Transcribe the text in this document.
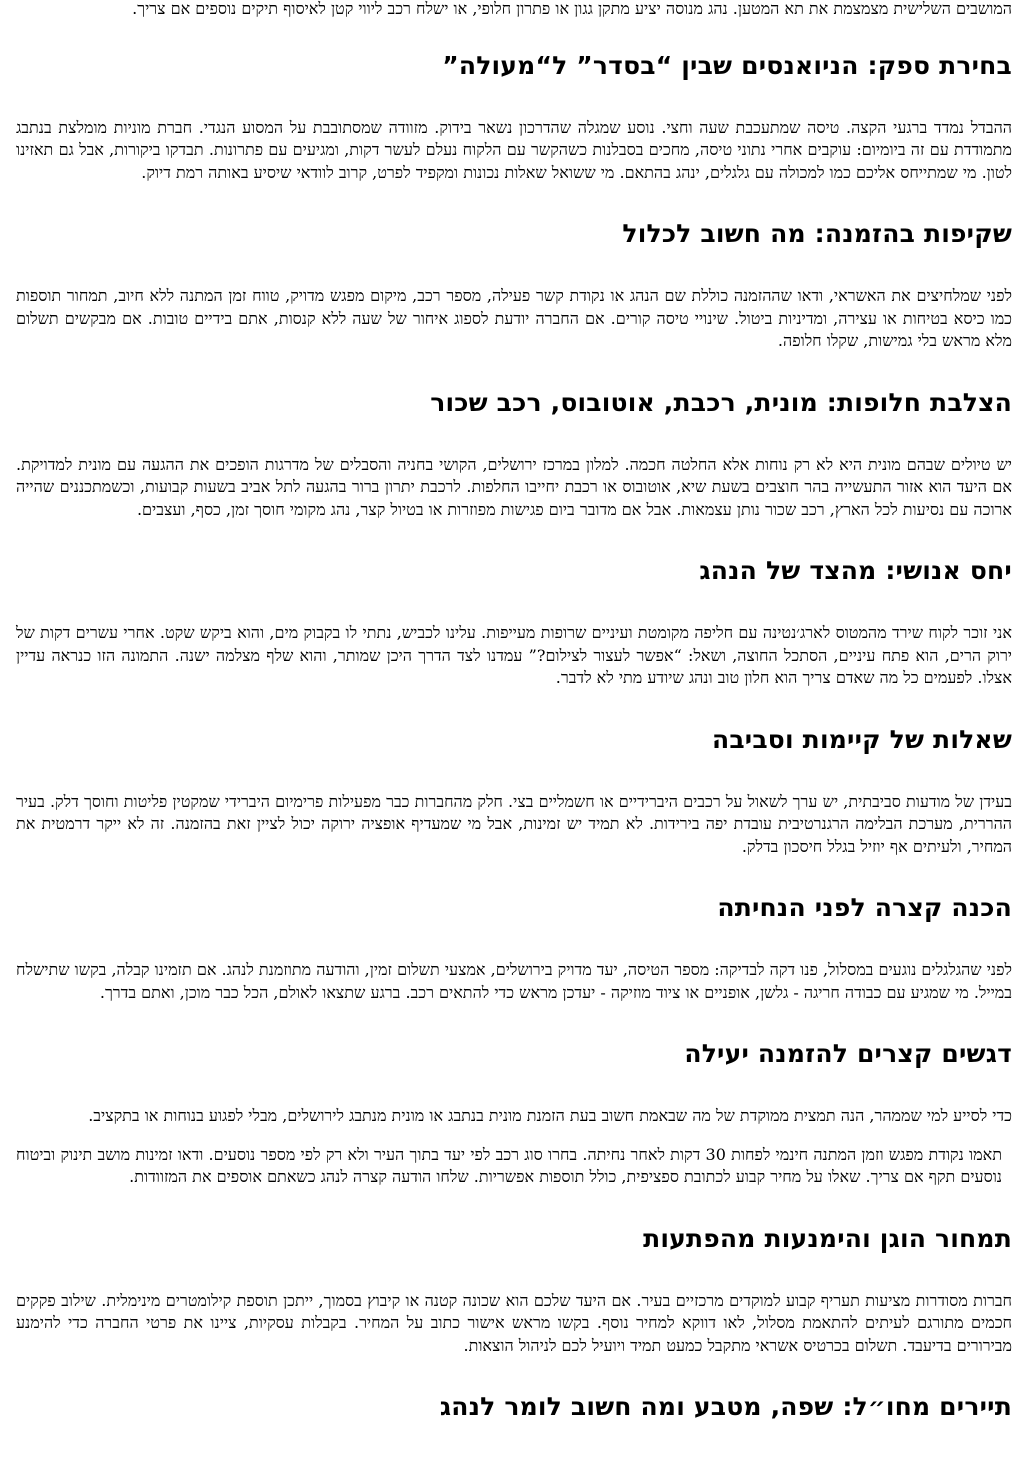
המושבים השלישית מצמצמת את תא המטען. נהג מנוסה יציע מתקן גגון או פתרון חלופי, או ישלח רכב ליווי קטן לאיסוף תיקים נוספים אם צריך.

בחירת ספק: הניואנסים שבין “בסדר” ל“מעולה”

ההבדל נמדד ברגעי הקצה. טיסה שמתעכבת שעה וחצי. נוסע שמגלה שהדרכון נשאר בידוק. מזוודה שמסתובבת על המסוע הנגדי. חברת מוניות מומלצת בנתבג מתמודדת עם זה ביומיום: עוקבים אחרי נתוני טיסה, מחכים בסבלנות כשהקשר עם הלקוח נעלם לעשר דקות, ומגיעים עם פתרונות. תבדקו ביקורות, אבל גם תאזינו לטון. מי שמתייחס אליכם כמו למכולה עם גלגלים, ינהג בהתאם. מי ששואל שאלות נכונות ומקפיד לפרט, קרוב לוודאי שיסיע באותה רמת דיוק.

שקיפות בהזמנה: מה חשוב לכלול

לפני שמלחיצים את האשראי, ודאו שההזמנה כוללת שם הנהג או נקודת קשר פעילה, מספר רכב, מיקום מפגש מדויק, טווח זמן המתנה ללא חיוב, תמחור תוספות כמו כיסא בטיחות או עצירה, ומדיניות ביטול. שינויי טיסה קורים. אם החברה יודעת לספוג איחור של שעה ללא קנסות, אתם בידיים טובות. אם מבקשים תשלום מלא מראש בלי גמישות, שקלו חלופה.

הצלבת חלופות: מונית, רכבת, אוטובוס, רכב שכור

יש טיולים שבהם מונית היא לא רק נוחות אלא החלטה חכמה. למלון במרכז ירושלים, הקושי בחניה והסבלים של מדרגות הופכים את ההגעה עם מונית למדויקת. אם היעד הוא אזור התעשייה בהר חוצבים בשעת שיא, אוטובוס או רכבת יחייבו החלפות. לרכבת יתרון ברור בהגעה לתל אביב בשעות קבועות, וכשמתכננים שהייה ארוכה עם נסיעות לכל הארץ, רכב שכור נותן עצמאות. אבל אם מדובר ביום פגישות מפוזרות או בטיול קצר, נהג מקומי חוסך זמן, כסף, ועצבים.

יחס אנושי: מהצד של הנהג

אני זוכר לקוח שירד מהמטוס לארג׳נטינה עם חליפה מקומטת ועיניים שרופות מעייפות. עלינו לכביש, נתתי לו בקבוק מים, והוא ביקש שקט. אחרי עשרים דקות של ירוק הרים, הוא פתח עיניים, הסתכל החוצה, ושאל: “אפשר לעצור לצילום?” עמדנו לצד הדרך היכן שמותר, והוא שלף מצלמה ישנה. התמונה הזו כנראה עדיין אצלו. לפעמים כל מה שאדם צריך הוא חלון טוב ונהג שיודע מתי לא לדבר.

שאלות של קיימות וסביבה

בעידן של מודעות סביבתית, יש ערך לשאול על רכבים היברידיים או חשמליים בצי. חלק מהחברות כבר מפעילות פרימיום היברידי שמקטין פליטות וחוסך דלק. בעיר ההררית, מערכת הבלימה הרגנרטיבית עובדת יפה בירידות. לא תמיד יש זמינות, אבל מי שמעדיף אופציה ירוקה יכול לציין זאת בהזמנה. זה לא ייקר דרמטית את המחיר, ולעיתים אף יוזיל בגלל חיסכון בדלק.

הכנה קצרה לפני הנחיתה

לפני שהגלגלים נוגעים במסלול, פנו דקה לבדיקה: מספר הטיסה, יעד מדויק בירושלים, אמצעי תשלום זמין, והודעה מתוזמנת לנהג. אם תזמינו קבלה, בקשו שתישלח במייל. מי שמגיע עם כבודה חריגה - גלשן, אופניים או ציוד מוזיקה - יעדכן מראש כדי להתאים רכב. ברגע שתצאו לאולם, הכל כבר מוכן, ואתם בדרך.

דגשים קצרים להזמנה יעילה

כדי לסייע למי שממהר, הנה תמצית ממוקדת של מה שבאמת חשוב בעת הזמנת מונית בנתבג או מונית מנתבג לירושלים, מבלי לפגוע בנוחות או בתקציב.

תאמו נקודת מפגש וזמן המתנה חינמי לפחות 30 דקות לאחר נחיתה. בחרו סוג רכב לפי יעד בתוך העיר ולא רק לפי מספר נוסעים. ודאו זמינות מושב תינוק וביטוח נוסעים תקף אם צריך. שאלו על מחיר קבוע לכתובת ספציפית, כולל תוספות אפשריות. שלחו הודעה קצרה לנהג כשאתם אוספים את המזוודות.

תמחור הוגן והימנעות מהפתעות

חברות מסודרות מציעות תעריף קבוע למוקדים מרכזיים בעיר. אם היעד שלכם הוא שכונה קטנה או קיבוץ בסמוך, ייתכן תוספת קילומטרים מינימלית. שילוב פקקים חכמים מתורגם לעיתים להתאמת מסלול, לאו דווקא למחיר נוסף. בקשו מראש אישור כתוב על המחיר. בקבלות עסקיות, ציינו את פרטי החברה כדי להימנע מבירורים בדיעבד. תשלום בכרטיס אשראי מתקבל כמעט תמיד ויועיל לכם לניהול הוצאות.

תיירים מחו״ל: שפה, מטבע ומה חשוב לומר לנהג
